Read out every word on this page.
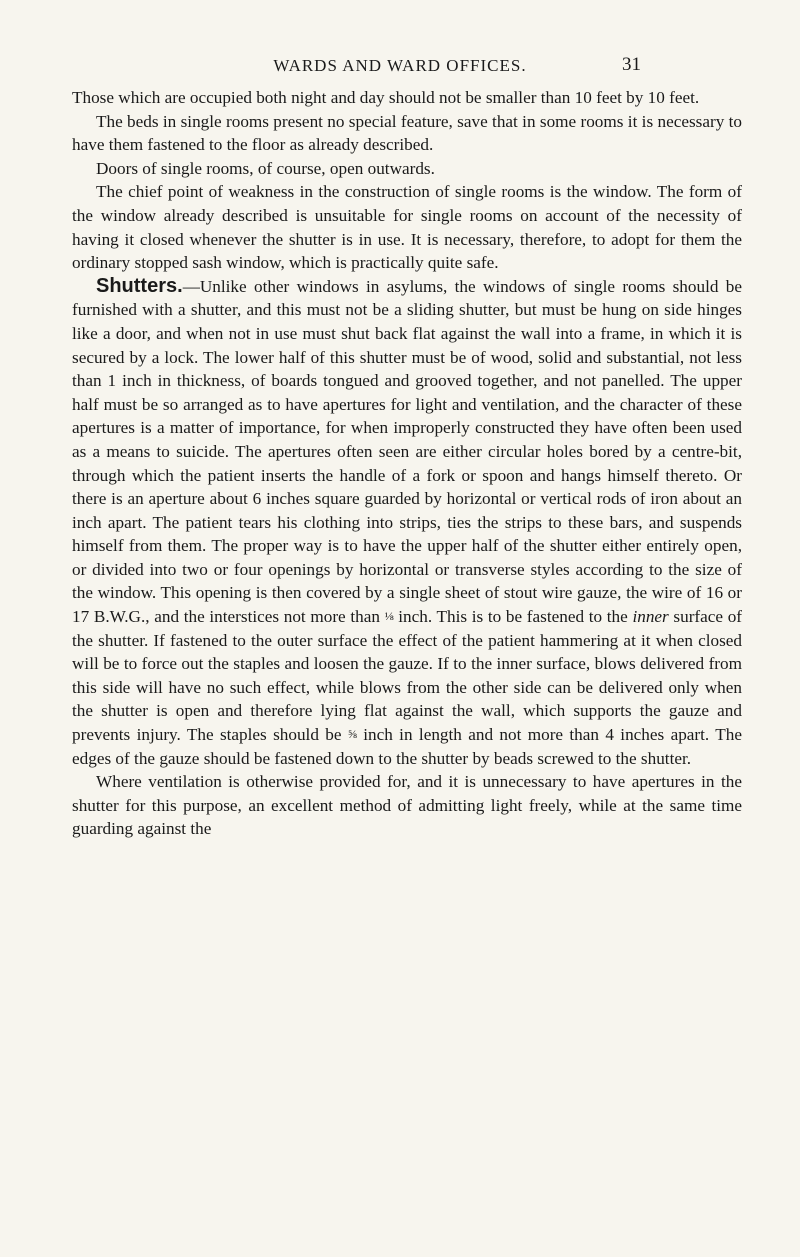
WARDS AND WARD OFFICES.	31

Those which are occupied both night and day should not be smaller than 10 feet by 10 feet.

The beds in single rooms present no special feature, save that in some rooms it is necessary to have them fastened to the floor as already described.

Doors of single rooms, of course, open outwards.

The chief point of weakness in the construction of single rooms is the window. The form of the window already described is unsuitable for single rooms on account of the necessity of having it closed whenever the shutter is in use. It is necessary, therefore, to adopt for them the ordinary stopped sash window, which is practically quite safe.

Shutters.—Unlike other windows in asylums, the windows of single rooms should be furnished with a shutter, and this must not be a sliding shutter, but must be hung on side hinges like a door, and when not in use must shut back flat against the wall into a frame, in which it is secured by a lock. The lower half of this shutter must be of wood, solid and substantial, not less than 1 inch in thickness, of boards tongued and grooved together, and not panelled. The upper half must be so arranged as to have apertures for light and ventilation, and the character of these apertures is a matter of importance, for when improperly constructed they have often been used as a means to suicide. The apertures often seen are either circular holes bored by a centre-bit, through which the patient inserts the handle of a fork or spoon and hangs himself thereto. Or there is an aperture about 6 inches square guarded by horizontal or vertical rods of iron about an inch apart. The patient tears his clothing into strips, ties the strips to these bars, and suspends himself from them. The proper way is to have the upper half of the shutter either entirely open, or divided into two or four openings by horizontal or transverse styles according to the size of the window. This opening is then covered by a single sheet of stout wire gauze, the wire of 16 or 17 B.W.G., and the interstices not more than ⅛ inch. This is to be fastened to the inner surface of the shutter. If fastened to the outer surface the effect of the patient hammering at it when closed will be to force out the staples and loosen the gauze. If to the inner surface, blows delivered from this side will have no such effect, while blows from the other side can be delivered only when the shutter is open and therefore lying flat against the wall, which supports the gauze and prevents injury. The staples should be ⅝ inch in length and not more than 4 inches apart. The edges of the gauze should be fastened down to the shutter by beads screwed to the shutter.

Where ventilation is otherwise provided for, and it is unnecessary to have apertures in the shutter for this purpose, an excellent method of admitting light freely, while at the same time guarding against the
